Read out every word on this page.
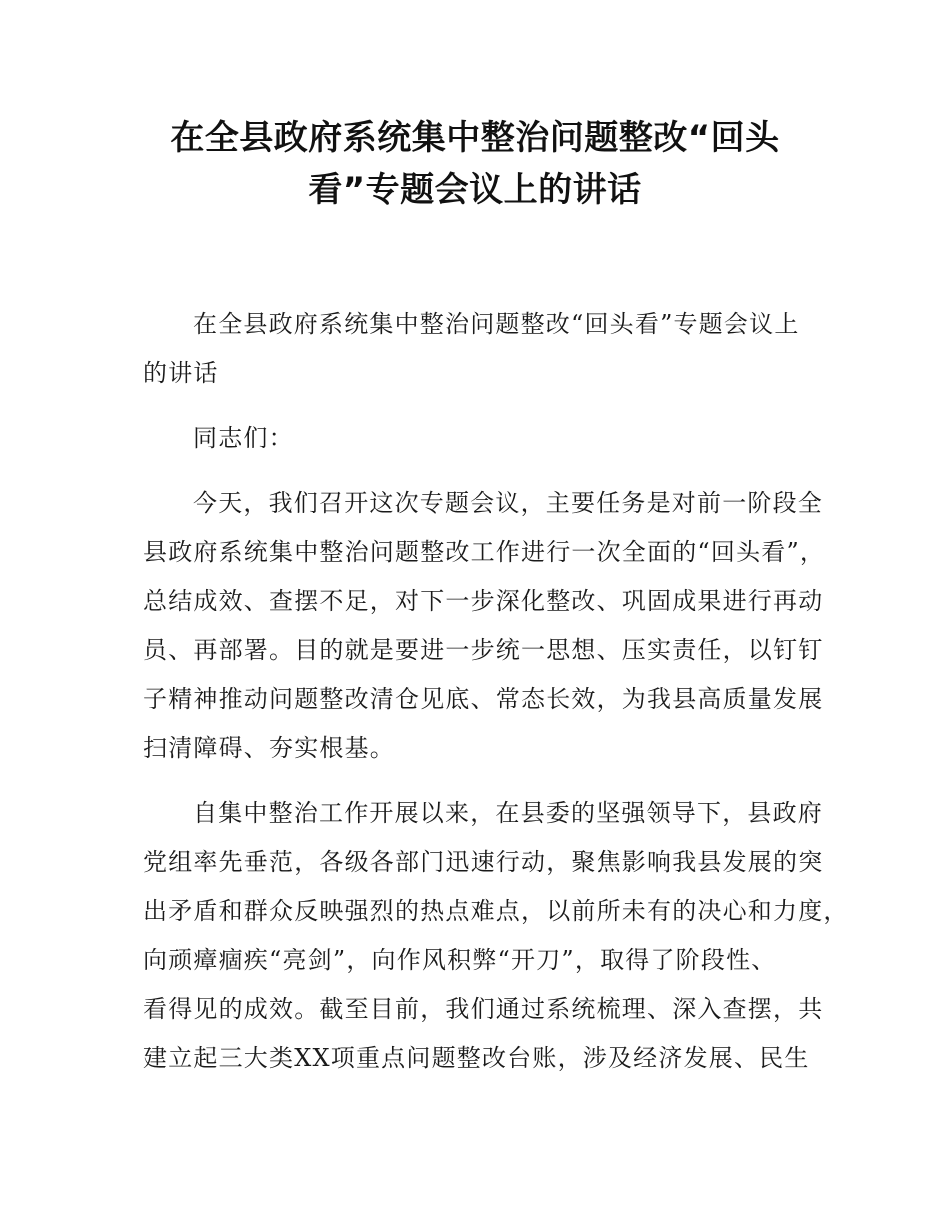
在全县政府系统集中整治问题整改“回头
看”专题会议上的讲话

在全县政府系统集中整治问题整改“回头看”专题会议上
的讲话

同志们：

今天，我们召开这次专题会议，主要任务是对前一阶段全
县政府系统集中整治问题整改工作进行一次全面的“回头看”，
总结成效、查摆不足，对下一步深化整改、巩固成果进行再动
员、再部署。目的就是要进一步统一思想、压实责任，以钉钉
子精神推动问题整改清仓见底、常态长效，为我县高质量发展
扫清障碍、夯实根基。

自集中整治工作开展以来，在县委的坚强领导下，县政府
党组率先垂范，各级各部门迅速行动，聚焦影响我县发展的突
出矛盾和群众反映强烈的热点难点，以前所未有的决心和力度，
向顽瘴痼疾“亮剑”，向作风积弊“开刀”，取得了阶段性、
看得见的成效。截至目前，我们通过系统梳理、深入查摆，共
建立起三大类XX项重点问题整改台账，涉及经济发展、民生
